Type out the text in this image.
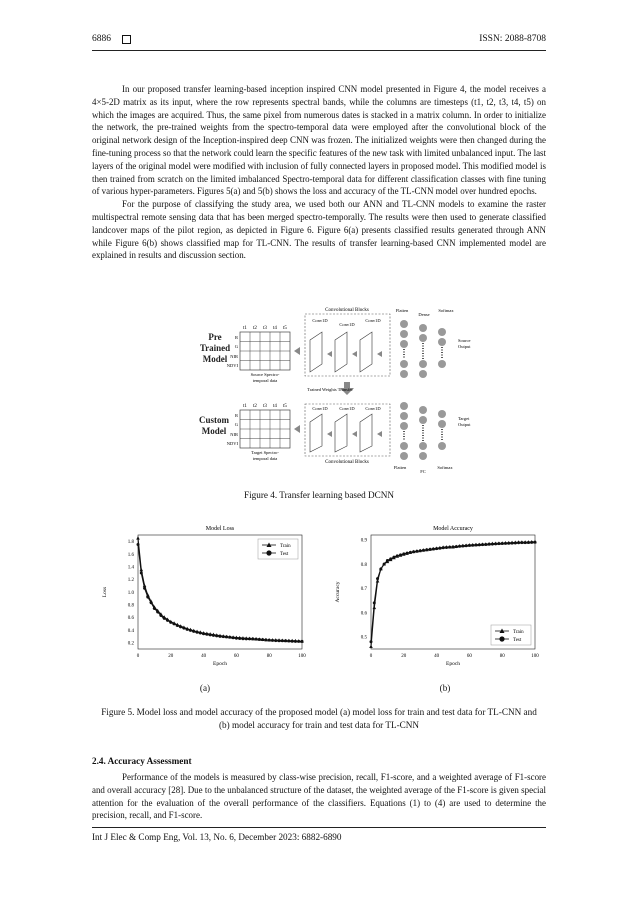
6886	ISSN: 2088-8708

In our proposed transfer learning-based inception inspired CNN model presented in Figure 4, the model receives a 4×5-2D matrix as its input, where the row represents spectral bands, while the columns are timesteps (t1, t2, t3, t4, t5) on which the images are acquired. Thus, the same pixel from numerous dates is stacked in a matrix column. In order to initialize the network, the pre-trained weights from the spectro-temporal data were employed after the convolutional block of the original network design of the Inception-inspired deep CNN was frozen. The initialized weights were then changed during the fine-tuning process so that the network could learn the specific features of the new task with limited unbalanced input. The last layers of the original model were modified with inclusion of fully connected layers in proposed model. This modified model is then trained from scratch on the limited imbalanced Spectro-temporal data for different classification classes with fine tuning of various hyper-parameters. Figures 5(a) and 5(b) shows the loss and accuracy of the TL-CNN model over hundred epochs.

For the purpose of classifying the study area, we used both our ANN and TL-CNN models to examine the raster multispectral remote sensing data that has been merged spectro-temporally. The results were then used to generate classified landcover maps of the pilot region, as depicted in Figure 6. Figure 6(a) presents classified results generated through ANN while Figure 6(b) shows classified map for TL-CNN. The results of transfer learning-based CNN implemented model are explained in results and discussion section.

Pre
Trained
Model
Custom
Model
t1 t2 t3 t4 t5
R
G
NIR
NDVI
Source Spectro-
temporal data
Convolutional Blocks
Conv1D
Conv1D
Conv1D
Flatten
Dense
Softmax
Source
Output
Trained Weights Transfer
t1 t2 t3 t4 t5
R
G
NIR
NDVI
Target Spectro-
temporal data
Convolutional Blocks
Conv1D	Conv1D Conv1D
Flatten
FC
Softmax
Target
Output
Figure 4. Transfer learning based DCNN
Model Loss
0	20	40	60	80	100
0.2
0.4
0.6
0.8
1.0
1.2
1.4
1.6
1.8
Epoch
Loss
Train
Test
Model Accuracy
0	20	40	60	80	100
0.5
0.6
0.7
0.8
0.9
Epoch
Accuracy
Train
Test
(a)	(b)
Figure 5. Model loss and model accuracy of the proposed model (a) model loss for train and test data for TL-CNN and (b) model accuracy for train and test data for TL-CNN
2.4. Accuracy Assessment

Performance of the models is measured by class-wise precision, recall, F1-score, and a weighted average of F1-score and overall accuracy [28]. Due to the unbalanced structure of the dataset, the weighted average of the F1-score is given special attention for the evaluation of the overall performance of the classifiers. Equations (1) to (4) are used to determine the precision, recall, and F1-score.

Int J Elec & Comp Eng, Vol. 13, No. 6, December 2023: 6882-6890
